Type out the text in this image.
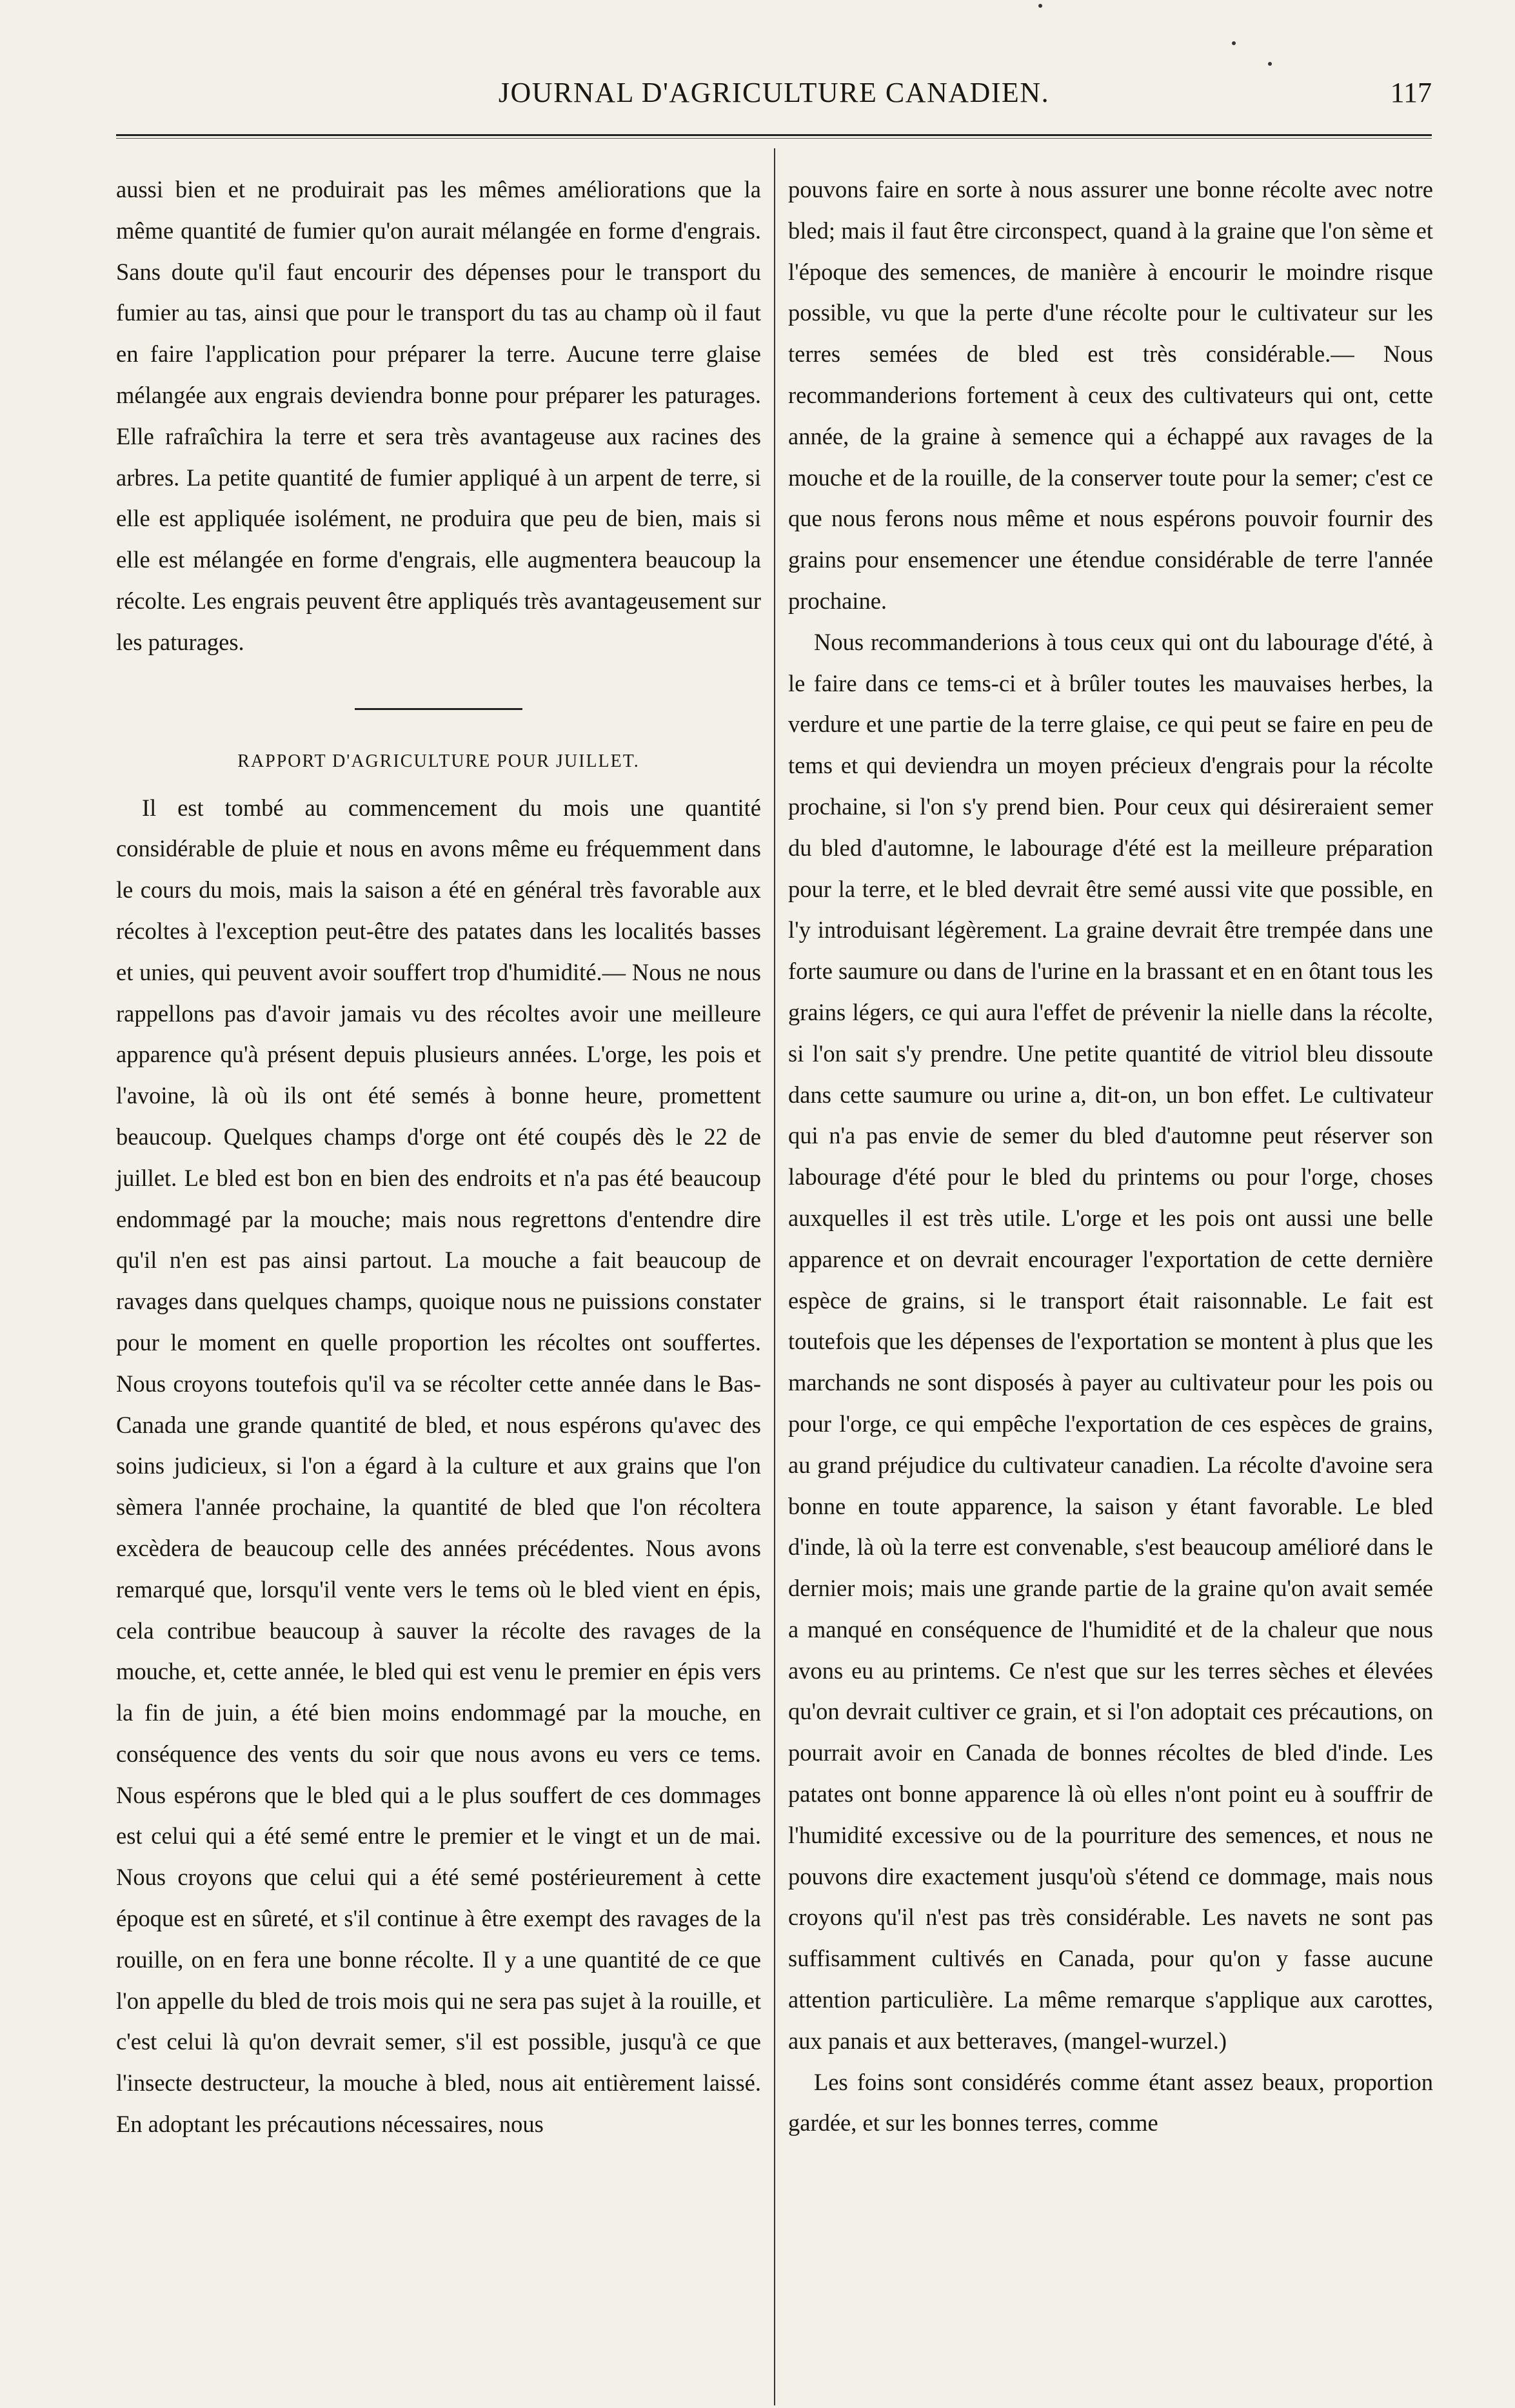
JOURNAL D'AGRICULTURE CANADIEN.	117

aussi bien et ne produirait pas les mêmes améliorations que la même quantité de fumier qu'on aurait mélangée en forme d'engrais. Sans doute qu'il faut encourir des dépenses pour le transport du fumier au tas, ainsi que pour le transport du tas au champ où il faut en faire l'application pour préparer la terre. Aucune terre glaise mélangée aux engrais deviendra bonne pour préparer les paturages. Elle rafraîchira la terre et sera très avantageuse aux racines des arbres. La petite quantité de fumier appliqué à un arpent de terre, si elle est appliquée isolément, ne produira que peu de bien, mais si elle est mélangée en forme d'engrais, elle augmentera beaucoup la récolte. Les engrais peuvent être appliqués très avantageusement sur les paturages.

RAPPORT D'AGRICULTURE POUR JUILLET.

Il est tombé au commencement du mois une quantité considérable de pluie et nous en avons même eu fréquemment dans le cours du mois, mais la saison a été en général très favorable aux récoltes à l'exception peut-être des patates dans les localités basses et unies, qui peuvent avoir souffert trop d'humidité.— Nous ne nous rappellons pas d'avoir jamais vu des récoltes avoir une meilleure apparence qu'à présent depuis plusieurs années. L'orge, les pois et l'avoine, là où ils ont été semés à bonne heure, promettent beaucoup. Quelques champs d'orge ont été coupés dès le 22 de juillet. Le bled est bon en bien des endroits et n'a pas été beaucoup endommagé par la mouche; mais nous regrettons d'entendre dire qu'il n'en est pas ainsi partout. La mouche a fait beaucoup de ravages dans quelques champs, quoique nous ne puissions constater pour le moment en quelle proportion les récoltes ont souffertes. Nous croyons toutefois qu'il va se récolter cette année dans le Bas-Canada une grande quantité de bled, et nous espérons qu'avec des soins judicieux, si l'on a égard à la culture et aux grains que l'on sèmera l'année prochaine, la quantité de bled que l'on récoltera excèdera de beaucoup celle des années précédentes. Nous avons remarqué que, lorsqu'il vente vers le tems où le bled vient en épis, cela contribue beaucoup à sauver la récolte des ravages de la mouche, et, cette année, le bled qui est venu le premier en épis vers la fin de juin, a été bien moins endommagé par la mouche, en conséquence des vents du soir que nous avons eu vers ce tems. Nous espérons que le bled qui a le plus souffert de ces dommages est celui qui a été semé entre le premier et le vingt et un de mai. Nous croyons que celui qui a été semé postérieurement à cette époque est en sûreté, et s'il continue à être exempt des ravages de la rouille, on en fera une bonne récolte. Il y a une quantité de ce que l'on appelle du bled de trois mois qui ne sera pas sujet à la rouille, et c'est celui là qu'on devrait semer, s'il est possible, jusqu'à ce que l'insecte destructeur, la mouche à bled, nous ait entièrement laissé. En adoptant les précautions nécessaires, nous

pouvons faire en sorte à nous assurer une bonne récolte avec notre bled; mais il faut être circonspect, quand à la graine que l'on sème et l'époque des semences, de manière à encourir le moindre risque possible, vu que la perte d'une récolte pour le cultivateur sur les terres semées de bled est très considérable.— Nous recommanderions fortement à ceux des cultivateurs qui ont, cette année, de la graine à semence qui a échappé aux ravages de la mouche et de la rouille, de la conserver toute pour la semer; c'est ce que nous ferons nous même et nous espérons pouvoir fournir des grains pour ensemencer une étendue considérable de terre l'année prochaine.

Nous recommanderions à tous ceux qui ont du labourage d'été, à le faire dans ce tems-ci et à brûler toutes les mauvaises herbes, la verdure et une partie de la terre glaise, ce qui peut se faire en peu de tems et qui deviendra un moyen précieux d'engrais pour la récolte prochaine, si l'on s'y prend bien. Pour ceux qui désireraient semer du bled d'automne, le labourage d'été est la meilleure préparation pour la terre, et le bled devrait être semé aussi vite que possible, en l'y introduisant légèrement. La graine devrait être trempée dans une forte saumure ou dans de l'urine en la brassant et en en ôtant tous les grains légers, ce qui aura l'effet de prévenir la nielle dans la récolte, si l'on sait s'y prendre. Une petite quantité de vitriol bleu dissoute dans cette saumure ou urine a, dit-on, un bon effet. Le cultivateur qui n'a pas envie de semer du bled d'automne peut réserver son labourage d'été pour le bled du printems ou pour l'orge, choses auxquelles il est très utile. L'orge et les pois ont aussi une belle apparence et on devrait encourager l'exportation de cette dernière espèce de grains, si le transport était raisonnable. Le fait est toutefois que les dépenses de l'exportation se montent à plus que les marchands ne sont disposés à payer au cultivateur pour les pois ou pour l'orge, ce qui empêche l'exportation de ces espèces de grains, au grand préjudice du cultivateur canadien. La récolte d'avoine sera bonne en toute apparence, la saison y étant favorable. Le bled d'inde, là où la terre est convenable, s'est beaucoup amélioré dans le dernier mois; mais une grande partie de la graine qu'on avait semée a manqué en conséquence de l'humidité et de la chaleur que nous avons eu au printems. Ce n'est que sur les terres sèches et élevées qu'on devrait cultiver ce grain, et si l'on adoptait ces précautions, on pourrait avoir en Canada de bonnes récoltes de bled d'inde. Les patates ont bonne apparence là où elles n'ont point eu à souffrir de l'humidité excessive ou de la pourriture des semences, et nous ne pouvons dire exactement jusqu'où s'étend ce dommage, mais nous croyons qu'il n'est pas très considérable. Les navets ne sont pas suffisamment cultivés en Canada, pour qu'on y fasse aucune attention particulière. La même remarque s'applique aux carottes, aux panais et aux betteraves, (mangel-wurzel.)

Les foins sont considérés comme étant assez beaux, proportion gardée, et sur les bonnes terres, comme
